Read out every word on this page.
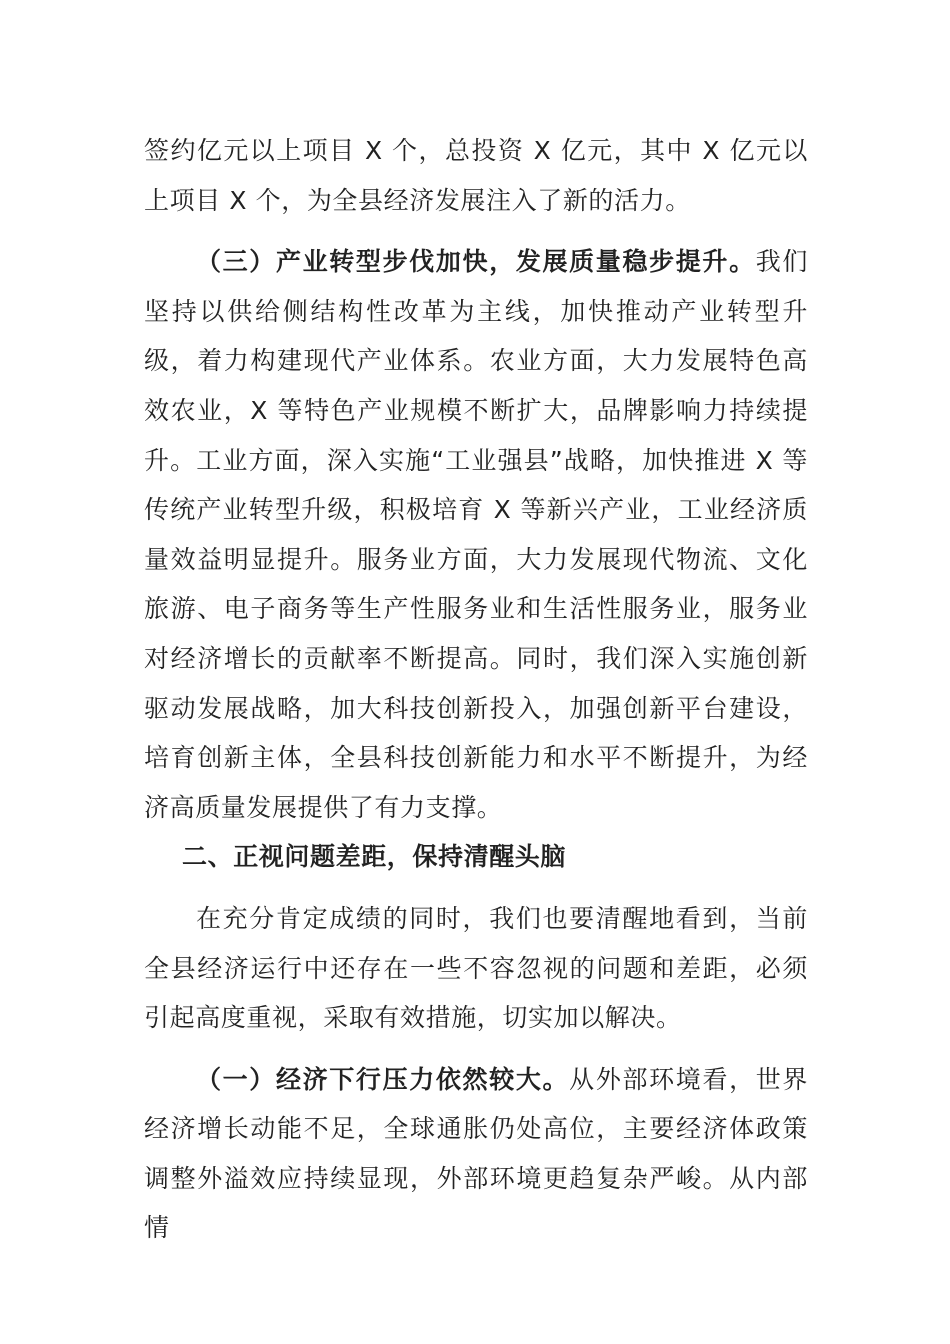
签约亿元以上项目 X 个，总投资 X 亿元，其中 X 亿元以上项目 X 个，为全县经济发展注入了新的活力。

（三）产业转型步伐加快，发展质量稳步提升。我们坚持以供给侧结构性改革为主线，加快推动产业转型升级，着力构建现代产业体系。农业方面，大力发展特色高效农业，X 等特色产业规模不断扩大，品牌影响力持续提升。工业方面，深入实施“工业强县”战略，加快推进 X 等传统产业转型升级，积极培育 X 等新兴产业，工业经济质量效益明显提升。服务业方面，大力发展现代物流、文化旅游、电子商务等生产性服务业和生活性服务业，服务业对经济增长的贡献率不断提高。同时，我们深入实施创新驱动发展战略，加大科技创新投入，加强创新平台建设，培育创新主体，全县科技创新能力和水平不断提升，为经济高质量发展提供了有力支撑。

二、正视问题差距，保持清醒头脑

在充分肯定成绩的同时，我们也要清醒地看到，当前全县经济运行中还存在一些不容忽视的问题和差距，必须引起高度重视，采取有效措施，切实加以解决。

（一）经济下行压力依然较大。从外部环境看，世界经济增长动能不足，全球通胀仍处高位，主要经济体政策调整外溢效应持续显现，外部环境更趋复杂严峻。从内部情
